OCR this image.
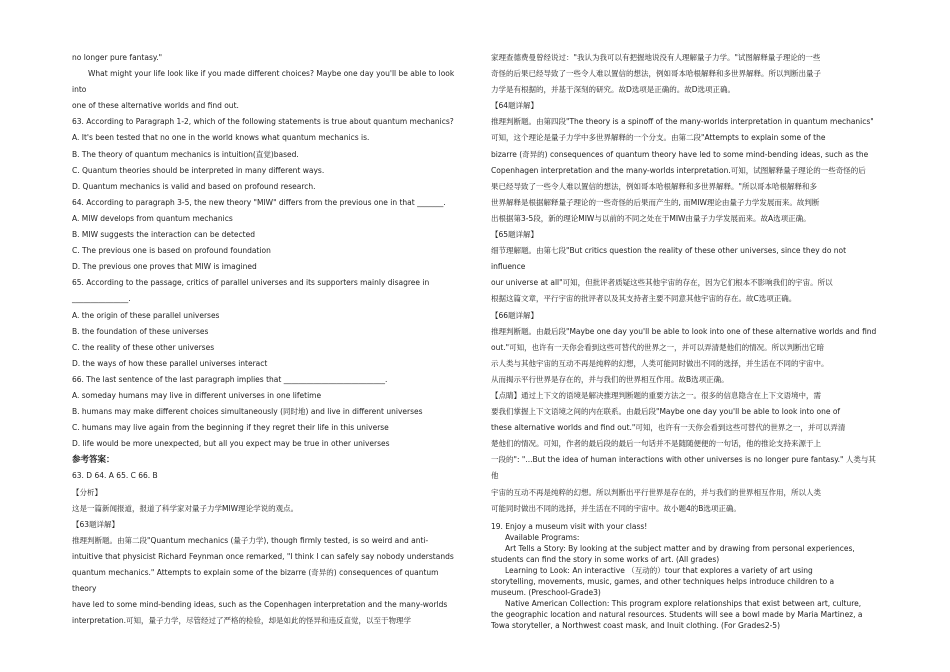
no longer pure fantasy."

What might your life look like if you made different choices? Maybe one day you'll be able to look into

one of these alternative worlds and find out.

63. According to Paragraph 1-2, which of the following statements is true about quantum mechanics?

A. It's been tested that no one in the world knows what quantum mechanics is.

B. The theory of quantum mechanics is intuition(直觉)based.

C. Quantum theories should be interpreted in many different ways.

D. Quantum mechanics is valid and based on profound research.

64. According to paragraph 3-5, the new theory "MIW" differs from the previous one in that _______.

A. MIW develops from quantum mechanics

B. MIW suggests the interaction can be detected

C. The previous one is based on profound foundation

D. The previous one proves that MIW is imagined

65. According to the passage, critics of parallel universes and its supporters mainly disagree in

_______________.

A. the origin of these parallel universes

B. the foundation of these universes

C. the reality of these other universes

D. the ways of how these parallel universes interact

66. The last sentence of the last paragraph implies that ___________________________.

A. someday humans may live in different universes in one lifetime

B. humans may make different choices simultaneously (同时地) and live in different universes

C. humans may live again from the beginning if they regret their life in this universe

D. life would be more unexpected, but all you expect may be true in other universes

参考答案：

63. D 64. A 65. C 66. B

【分析】

这是一篇新闻报道，报道了科学家对量子力学MIW理论学说的观点。

【63题详解】

推理判断题。由第二段"Quantum mechanics (量子力学), though firmly tested, is so weird and anti-

intuitive that physicist Richard Feynman once remarked, "I think I can safely say nobody understands

quantum mechanics." Attempts to explain some of the bizarre (奇异的) consequences of quantum theory

have led to some mind-bending ideas, such as the Copenhagen interpretation and the many-worlds

interpretation.可知，量子力学，尽管经过了严格的检验，却是如此的怪异和违反直觉，以至于物理学

家理查德费曼曾经说过："我认为我可以有把握地说没有人理解量子力学。"试图解释量子理论的一些

奇怪的后果已经导致了一些令人难以置信的想法，例如哥本哈根解释和多世界解释。所以判断出量子

力学是有根据的，并基于深刻的研究。故D选项是正确的。故D选项正确。

【64题详解】

推理判断题。由第四段"The theory is a spinoff of the many-worlds interpretation in quantum mechanics"

可知，这个理论是量子力学中多世界解释的一个分支。由第二段"Attempts to explain some of the

bizarre (奇异的) consequences of quantum theory have led to some mind-bending ideas, such as the

Copenhagen interpretation and the many-worlds interpretation.可知，试图解释量子理论的一些奇怪的后

果已经导致了一些令人难以置信的想法，例如哥本哈根解释和多世界解释。"所以哥本哈根解释和多

世界解释是根据解释量子理论的一些奇怪的后果而产生的, 而MIW理论由量子力学发展而来。故判断

出根据第3-5段，新的理论MIW与以前的不同之处在于MIW由量子力学发展而来。故A选项正确。

【65题详解】

细节理解题。由第七段"But critics question the reality of these other universes, since they do not influence

our universe at all"可知，但批评者质疑这些其他宇宙的存在，因为它们根本不影响我们的宇宙。所以

根据这篇文章，平行宇宙的批评者以及其支持者主要不同意其他宇宙的存在。故C选项正确。

【66题详解】

推理判断题。由最后段"Maybe one day you'll be able to look into one of these alternative worlds and find

out."可知，也许有一天你会看到这些可替代的世界之一，并可以弄清楚他们的情况。所以判断出它暗

示人类与其他宇宙的互动不再是纯粹的幻想，人类可能同时做出不同的选择，并生活在不同的宇宙中。

从而揭示平行世界是存在的，并与我们的世界相互作用。故B选项正确。

【点睛】通过上下文的语境是解决推理判断题的重要方法之一。很多的信息隐含在上下文语境中，需

要我们掌握上下文语境之间的内在联系。由最后段"Maybe one day you'll be able to look into one of

these alternative worlds and find out."可知，也许有一天你会看到这些可替代的世界之一，并可以弄清

楚他们的情况。可知，作者的最后段的最后一句话并不是随随便便的一句话，他的推论支持来源于上

一段的": "...But the idea of human interactions with other universes is no longer pure fantasy." 人类与其他

宇宙的互动不再是纯粹的幻想。所以判断出平行世界是存在的，并与我们的世界相互作用，所以人类

可能同时做出不同的选择，并生活在不同的宇宙中。故小题4的B选项正确。

19. Enjoy a museum visit with your class!

Available Programs:

Art Tells a Story: By looking at the subject matter and by drawing from personal experiences,

students can find the story in some works of art. (All grades)

Learning to Look: An interactive （互动的）tour that explores a variety of art using

storytelling, movements, music, games, and other techniques helps introduce children to a

museum. (Preschool-Grade3)

Native American Collection: This program explore relationships that exist between art, culture,

the geographic location and natural resources. Students will see a bowl made by Maria Martinez, a

Towa storyteller, a Northwest coast mask, and Inuit clothing. (For Grades2-5)
